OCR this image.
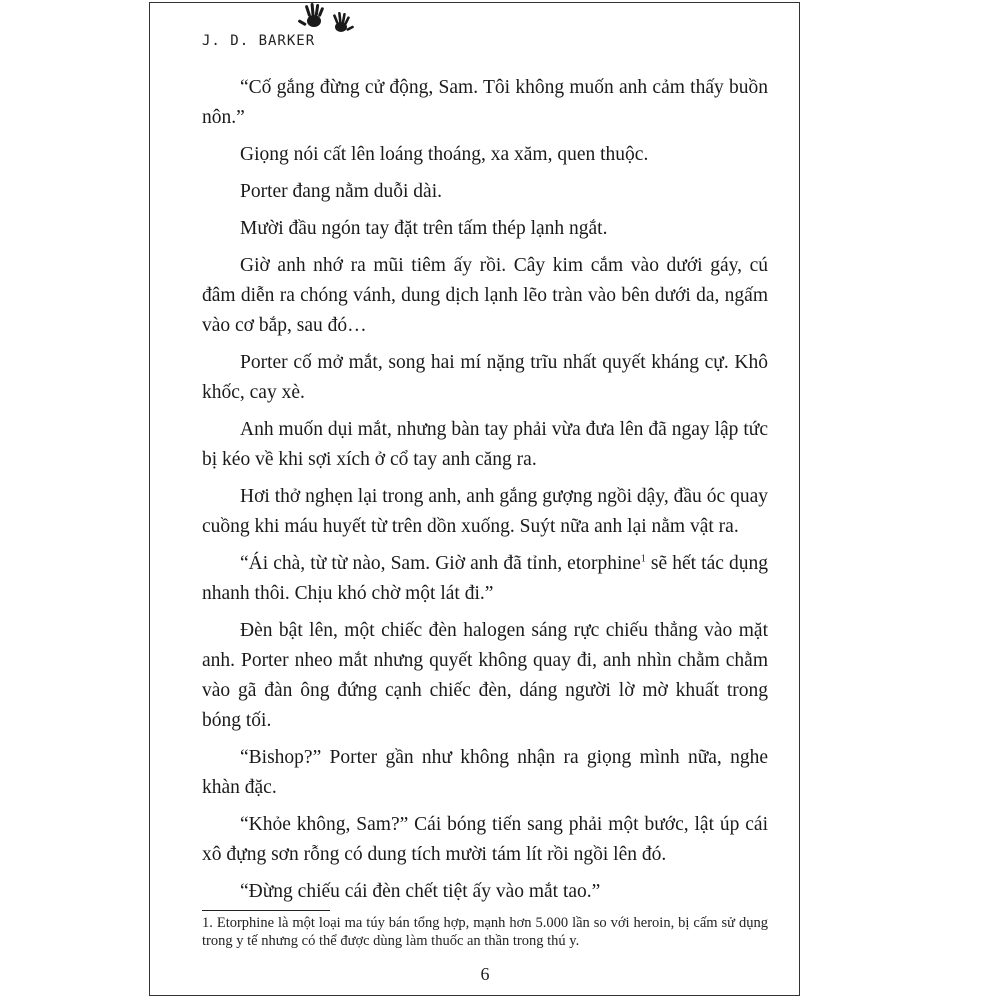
J. D. BARKER

“Cố gắng đừng cử động, Sam. Tôi không muốn anh cảm thấy buồn nôn.”

Giọng nói cất lên loáng thoáng, xa xăm, quen thuộc.

Porter đang nằm duỗi dài.

Mười đầu ngón tay đặt trên tấm thép lạnh ngắt.

Giờ anh nhớ ra mũi tiêm ấy rồi. Cây kim cắm vào dưới gáy, cú đâm diễn ra chóng vánh, dung dịch lạnh lẽo tràn vào bên dưới da, ngấm vào cơ bắp, sau đó…

Porter cố mở mắt, song hai mí nặng trĩu nhất quyết kháng cự. Khô khốc, cay xè.

Anh muốn dụi mắt, nhưng bàn tay phải vừa đưa lên đã ngay lập tức bị kéo về khi sợi xích ở cổ tay anh căng ra.

Hơi thở nghẹn lại trong anh, anh gắng gượng ngồi dậy, đầu óc quay cuồng khi máu huyết từ trên dồn xuống. Suýt nữa anh lại nằm vật ra.

“Ái chà, từ từ nào, Sam. Giờ anh đã tỉnh, etorphine$^1$ sẽ hết tác dụng nhanh thôi. Chịu khó chờ một lát đi.”

Đèn bật lên, một chiếc đèn halogen sáng rực chiếu thẳng vào mặt anh. Porter nheo mắt nhưng quyết không quay đi, anh nhìn chằm chằm vào gã đàn ông đứng cạnh chiếc đèn, dáng người lờ mờ khuất trong bóng tối.

“Bishop?” Porter gần như không nhận ra giọng mình nữa, nghe khàn đặc.

“Khỏe không, Sam?” Cái bóng tiến sang phải một bước, lật úp cái xô đựng sơn rỗng có dung tích mười tám lít rồi ngồi lên đó.

“Đừng chiếu cái đèn chết tiệt ấy vào mắt tao.”

1. Etorphine là một loại ma túy bán tổng hợp, mạnh hơn 5.000 lần so với heroin, bị cấm sử dụng trong y tế nhưng có thể được dùng làm thuốc an thần trong thú y.
6
